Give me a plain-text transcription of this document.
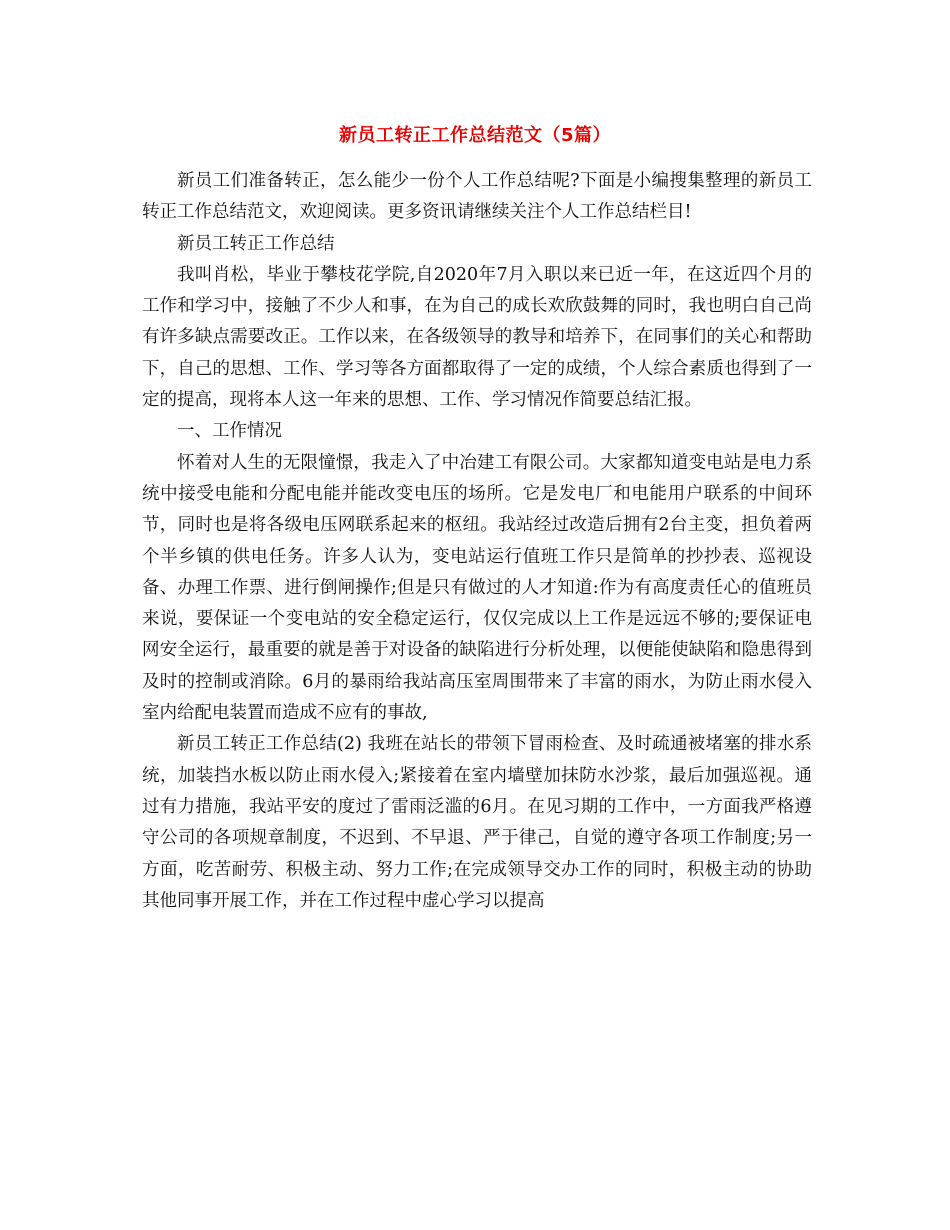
新员工转正工作总结范文（5篇）

新员工们准备转正，怎么能少一份个人工作总结呢?下面是小编搜集整理的新员工转正工作总结范文，欢迎阅读。更多资讯请继续关注个人工作总结栏目!

新员工转正工作总结

我叫肖松，毕业于攀枝花学院,自2020年7月入职以来已近一年，在这近四个月的工作和学习中，接触了不少人和事，在为自己的成长欢欣鼓舞的同时，我也明白自己尚有许多缺点需要改正。工作以来，在各级领导的教导和培养下，在同事们的关心和帮助下，自己的思想、工作、学习等各方面都取得了一定的成绩，个人综合素质也得到了一定的提高，现将本人这一年来的思想、工作、学习情况作简要总结汇报。

一、工作情况

怀着对人生的无限憧憬，我走入了中冶建工有限公司。大家都知道变电站是电力系统中接受电能和分配电能并能改变电压的场所。它是发电厂和电能用户联系的中间环节，同时也是将各级电压网联系起来的枢纽。我站经过改造后拥有2台主变，担负着两个半乡镇的供电任务。许多人认为，变电站运行值班工作只是简单的抄抄表、巡视设备、办理工作票、进行倒闸操作;但是只有做过的人才知道:作为有高度责任心的值班员来说，要保证一个变电站的安全稳定运行，仅仅完成以上工作是远远不够的;要保证电网安全运行，最重要的就是善于对设备的缺陷进行分析处理，以便能使缺陷和隐患得到及时的控制或消除。6月的暴雨给我站高压室周围带来了丰富的雨水，为防止雨水侵入室内给配电装置而造成不应有的事故,

新员工转正工作总结(2) 我班在站长的带领下冒雨检查、及时疏通被堵塞的排水系统，加装挡水板以防止雨水侵入;紧接着在室内墙壁加抹防水沙浆，最后加强巡视。通过有力措施，我站平安的度过了雷雨泛滥的6月。在见习期的工作中，一方面我严格遵守公司的各项规章制度，不迟到、不早退、严于律己，自觉的遵守各项工作制度;另一方面，吃苦耐劳、积极主动、努力工作;在完成领导交办工作的同时，积极主动的协助其他同事开展工作，并在工作过程中虚心学习以提高
